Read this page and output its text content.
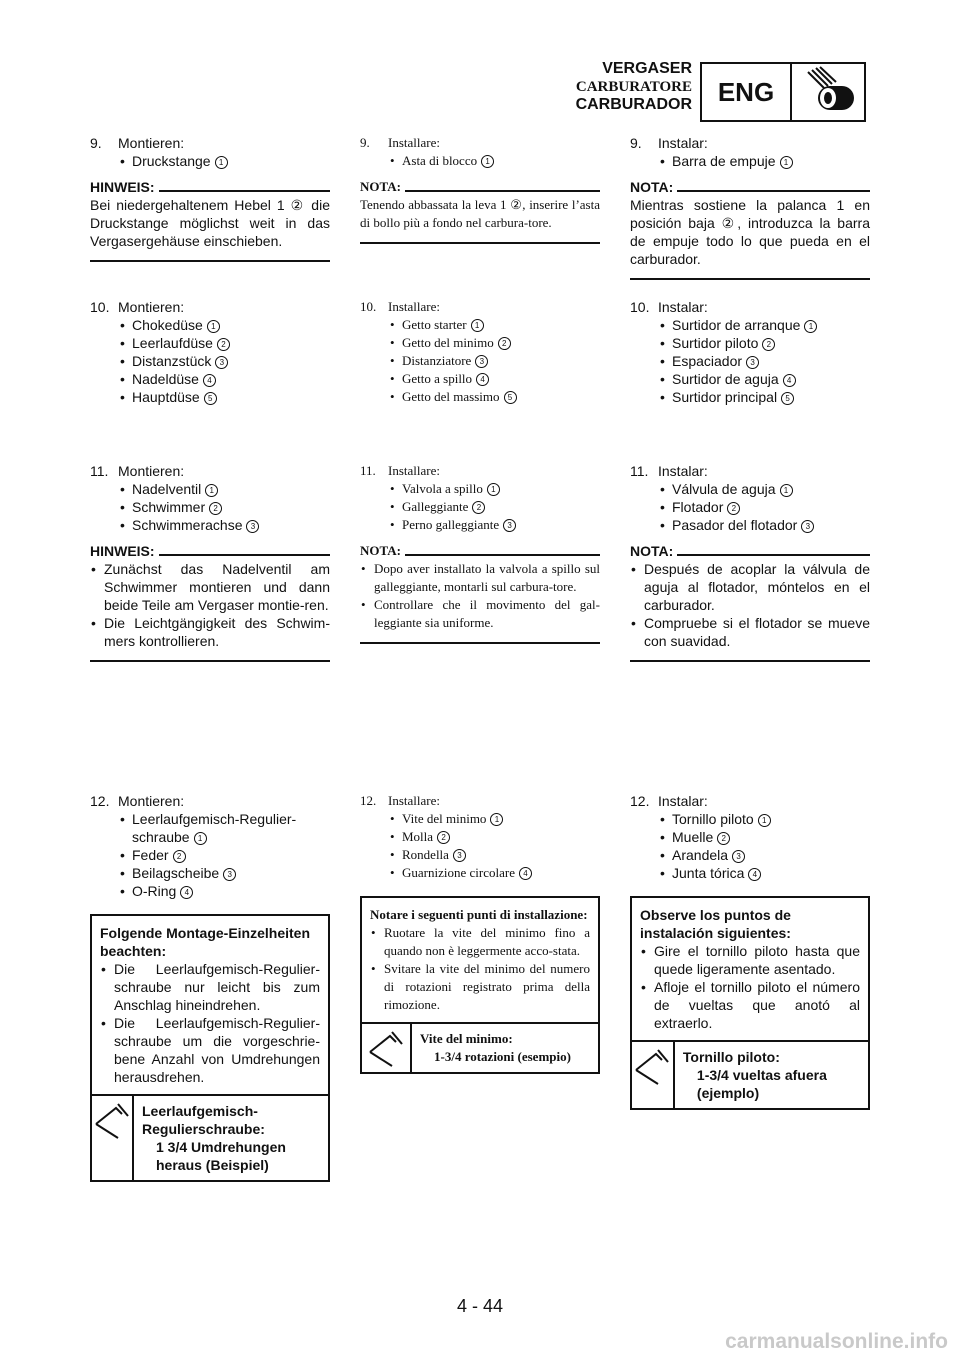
VERGASER
CARBURATORE
CARBURADOR ENG
9.	Montieren:
• Druckstange 1
HINWEIS:
Bei niedergehaltenem Hebel 1 ② die Druckstange möglichst weit in das Vergasergehäuse einschieben.
10. Montieren:
• Chokedüse 1
• Leerlaufdüse 2
• Distanzstück 3
• Nadeldüse 4
• Hauptdüse 5
11. Montieren:
• Nadelventil 1
• Schwimmer 2
• Schwimmerachse 3
HINWEIS:
• Zunächst das Nadelventil am Schwimmer montieren und dann beide Teile am Vergaser montie-ren.
• Die Leichtgängigkeit des Schwim-mers kontrollieren.
12. Montieren:
• Leerlaufgemisch-Regulier-schraube 1
• Feder 2
• Beilagscheibe 3
• O-Ring 4
Folgende Montage-Einzelheiten beachten:
• Die Leerlaufgemisch-Regulier-schraube nur leicht bis zum Anschlag hineindrehen.
• Die Leerlaufgemisch-Regulier-schraube um die vorgeschrie-bene Anzahl von Umdrehungen herausdrehen.
Leerlaufgemisch-Regulierschraube:
1 3/4 Umdrehungen heraus (Beispiel)
9.	Installare:
• Asta di blocco 1
NOTA:
Tenendo abbassata la leva 1 ②, inserire l’asta di bollo più a fondo nel carbura-tore.
10. Installare:
• Getto starter 1
• Getto del minimo 2
• Distanziatore 3
• Getto a spillo 4
• Getto del massimo 5
11. Installare:
• Valvola a spillo 1
• Galleggiante 2
• Perno galleggiante 3
NOTA:
• Dopo aver installato la valvola a spillo sul galleggiante, montarli sul carbura-tore.
• Controllare che il movimento del gal-leggiante sia uniforme.
12. Installare:
• Vite del minimo 1
• Molla 2
• Rondella 3
• Guarnizione circolare 4
Notare i seguenti punti di installazione:
• Ruotare la vite del minimo fino a quando non è leggermente acco-stata.
• Svitare la vite del minimo del numero di rotazioni registrato prima della rimozione.
Vite del minimo:
1-3/4 rotazioni (esempio)
9.	Instalar:
• Barra de empuje 1
NOTA:
Mientras sostiene la palanca 1 en posición baja ②, introduzca la barra de empuje todo lo que pueda en el carburador.
10. Instalar:
• Surtidor de arranque 1
• Surtidor piloto 2
• Espaciador 3
• Surtidor de aguja 4
• Surtidor principal 5
11. Instalar:
• Válvula de aguja 1
• Flotador 2
• Pasador del flotador 3
NOTA:
• Después de acoplar la válvula de aguja al flotador, móntelos en el carburador.
• Compruebe si el flotador se mueve con suavidad.
12. Instalar:
• Tornillo piloto 1
• Muelle 2
• Arandela 3
• Junta tórica 4
Observe los puntos de instalación siguientes:
• Gire el tornillo piloto hasta que quede ligeramente asentado.
• Afloje el tornillo piloto el número de vueltas que anotó al extraerlo.
Tornillo piloto:
1-3/4 vueltas afuera (ejemplo)
4 - 44
carmanualsonline.info
